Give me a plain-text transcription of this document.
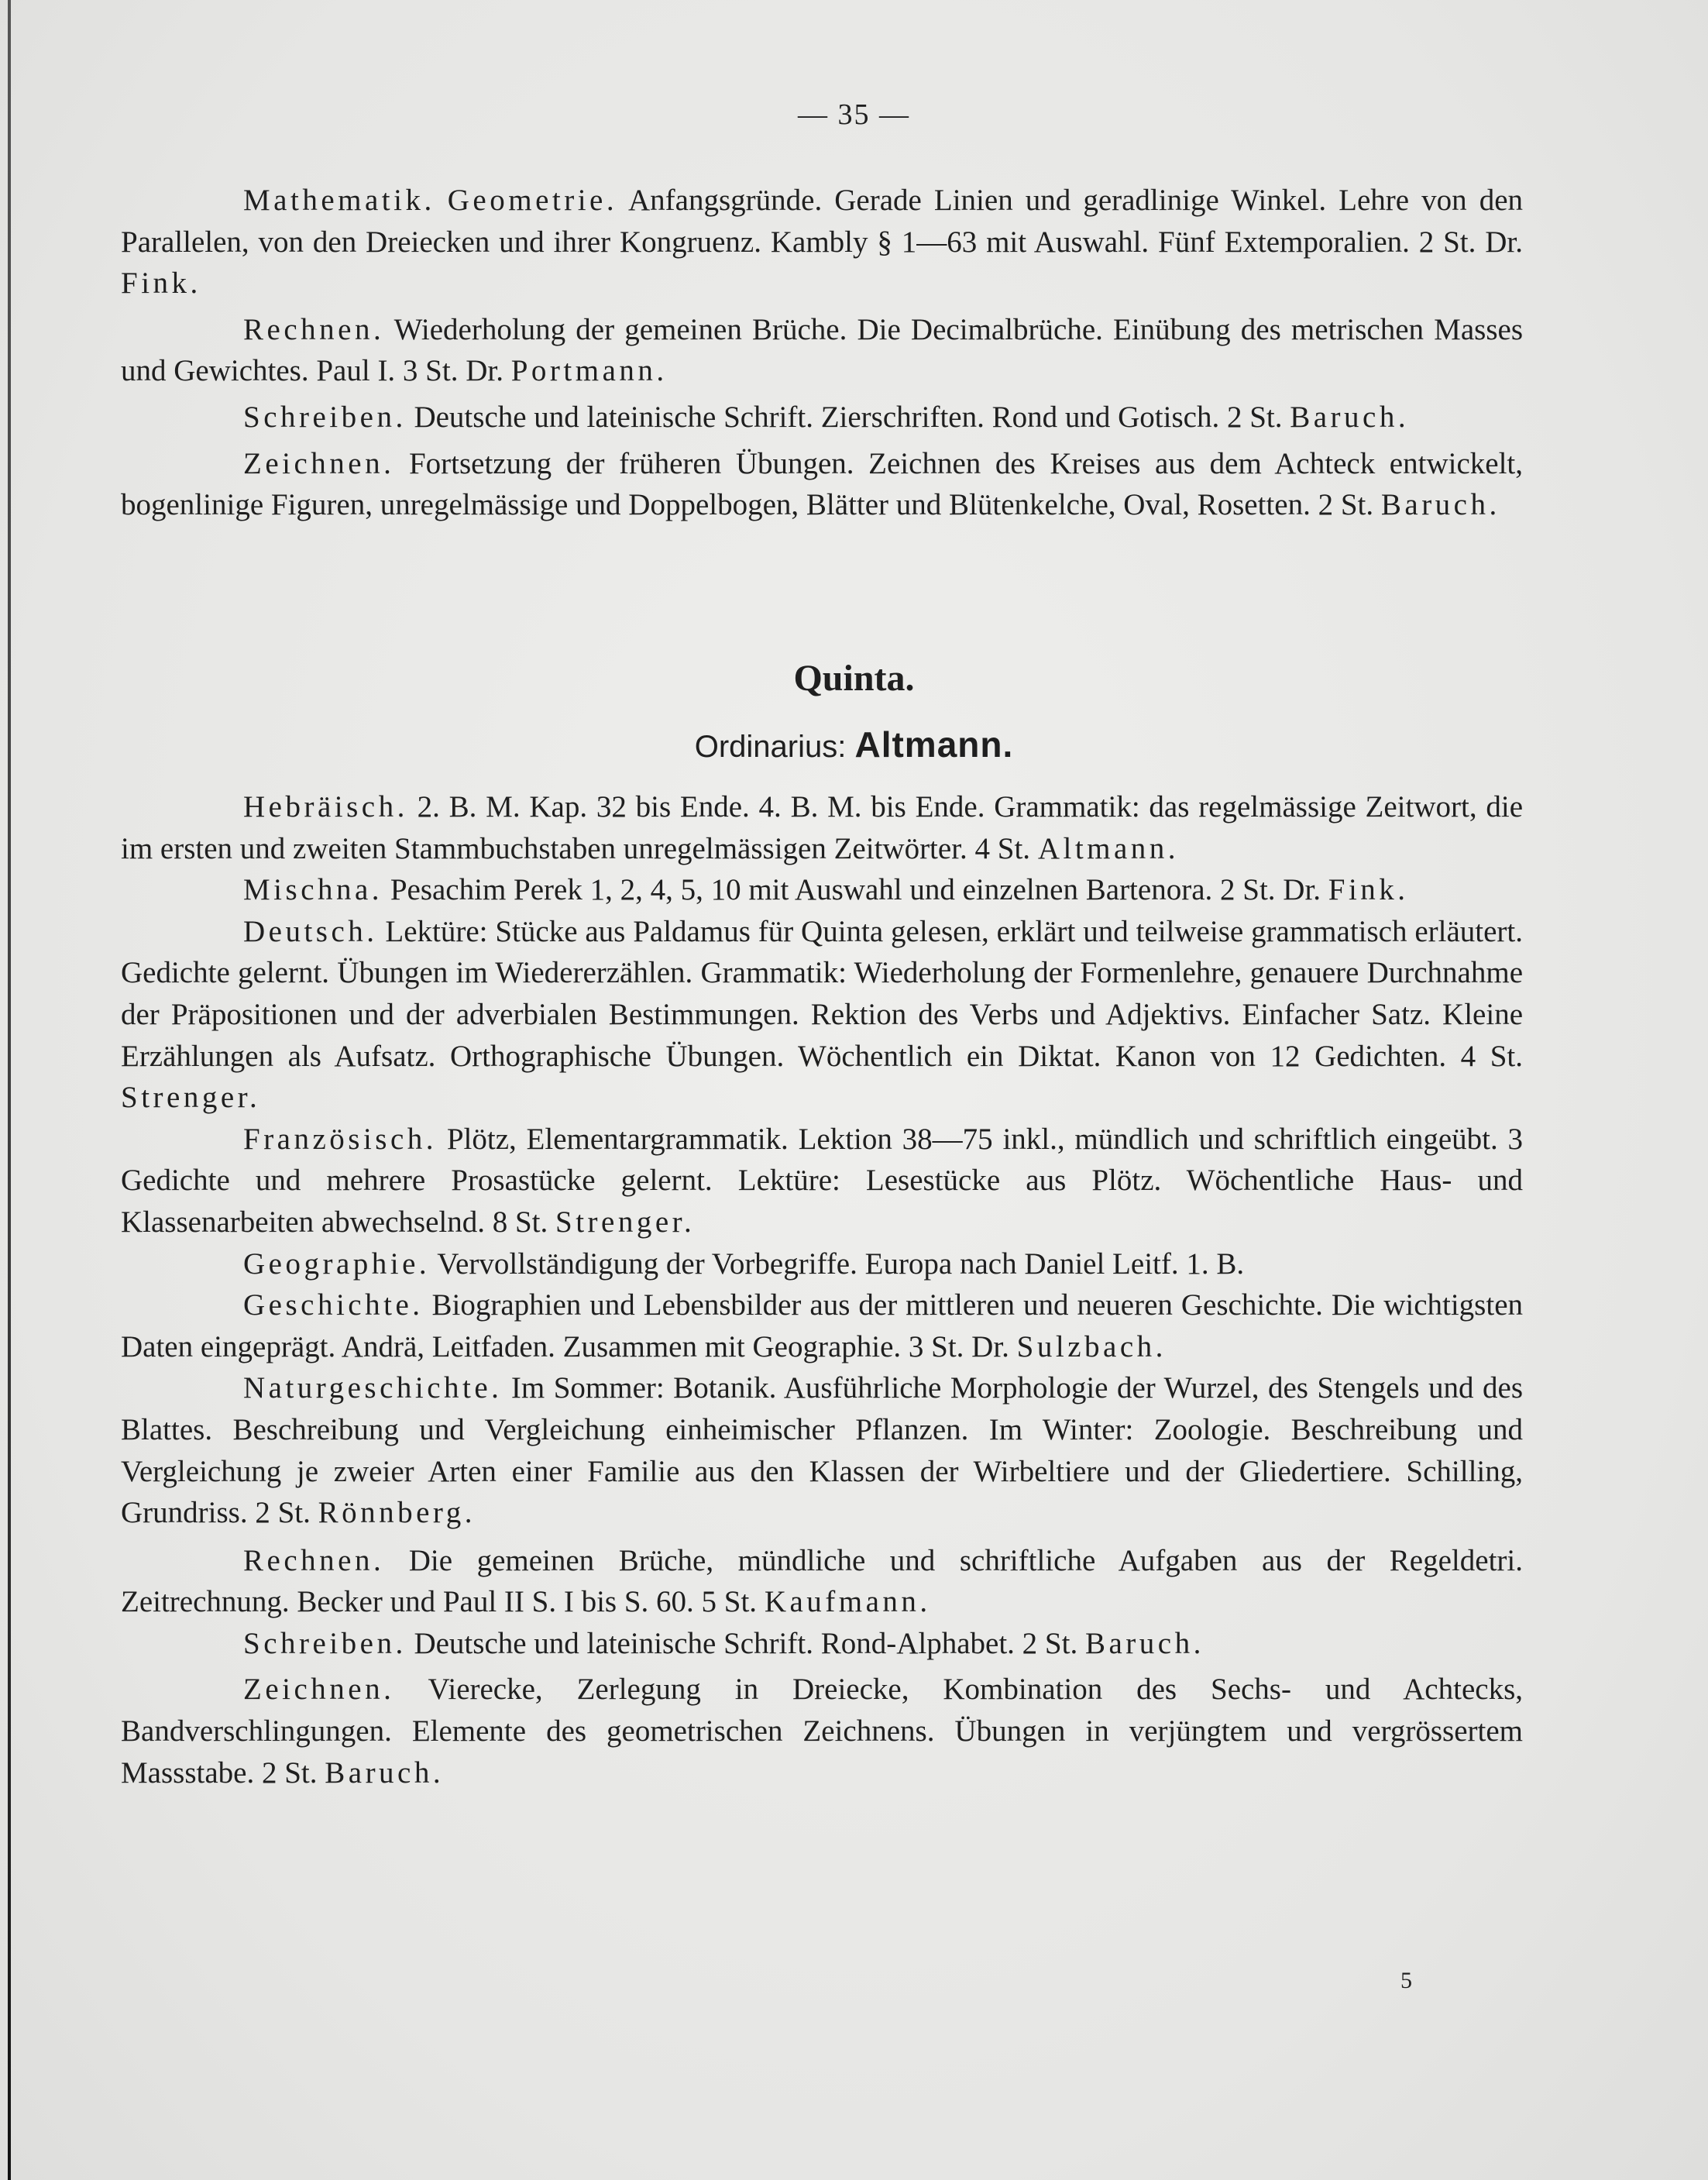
— 35 —

Mathematik. Geometrie. Anfangsgründe. Gerade Linien und geradlinige Winkel. Lehre von den Parallelen, von den Dreiecken und ihrer Kongruenz. Kambly § 1—63 mit Auswahl. Fünf Extemporalien. 2 St. Dr. Fink.

Rechnen. Wiederholung der gemeinen Brüche. Die Decimalbrüche. Einübung des metrischen Masses und Gewichtes. Paul I. 3 St. Dr. Portmann.

Schreiben. Deutsche und lateinische Schrift. Zierschriften. Rond und Gotisch. 2 St. Baruch.

Zeichnen. Fortsetzung der früheren Übungen. Zeichnen des Kreises aus dem Achteck entwickelt, bogenlinige Figuren, unregelmässige und Doppelbogen, Blätter und Blütenkelche, Oval, Rosetten. 2 St. Baruch.

Quinta.
Ordinarius: Altmann.

Hebräisch. 2. B. M. Kap. 32 bis Ende. 4. B. M. bis Ende. Grammatik: das regelmässige Zeitwort, die im ersten und zweiten Stammbuchstaben unregelmässigen Zeitwörter. 4 St. Altmann.

Mischna. Pesachim Perek 1, 2, 4, 5, 10 mit Auswahl und einzelnen Bartenora. 2 St. Dr. Fink.

Deutsch. Lektüre: Stücke aus Paldamus für Quinta gelesen, erklärt und teilweise grammatisch erläutert. Gedichte gelernt. Übungen im Wiedererzählen. Grammatik: Wiederholung der Formenlehre, genauere Durchnahme der Präpositionen und der adverbialen Bestimmungen. Rektion des Verbs und Adjektivs. Einfacher Satz. Kleine Erzählungen als Aufsatz. Orthographische Übungen. Wöchentlich ein Diktat. Kanon von 12 Gedichten. 4 St. Strenger.

Französisch. Plötz, Elementargrammatik. Lektion 38—75 inkl., mündlich und schriftlich eingeübt. 3 Gedichte und mehrere Prosastücke gelernt. Lektüre: Lesestücke aus Plötz. Wöchentliche Haus- und Klassenarbeiten abwechselnd. 8 St. Strenger.

Geographie. Vervollständigung der Vorbegriffe. Europa nach Daniel Leitf. 1. B.

Geschichte. Biographien und Lebensbilder aus der mittleren und neueren Geschichte. Die wichtigsten Daten eingeprägt. Andrä, Leitfaden. Zusammen mit Geographie. 3 St. Dr. Sulzbach.

Naturgeschichte. Im Sommer: Botanik. Ausführliche Morphologie der Wurzel, des Stengels und des Blattes. Beschreibung und Vergleichung einheimischer Pflanzen. Im Winter: Zoologie. Beschreibung und Vergleichung je zweier Arten einer Familie aus den Klassen der Wirbeltiere und der Gliedertiere. Schilling, Grundriss. 2 St. Rönnberg.

Rechnen. Die gemeinen Brüche, mündliche und schriftliche Aufgaben aus der Regeldetri. Zeitrechnung. Becker und Paul II S. I bis S. 60. 5 St. Kaufmann.

Schreiben. Deutsche und lateinische Schrift. Rond-Alphabet. 2 St. Baruch.

Zeichnen. Vierecke, Zerlegung in Dreiecke, Kombination des Sechs- und Achtecks, Bandverschlingungen. Elemente des geometrischen Zeichnens. Übungen in verjüngtem und vergrössertem Massstabe. 2 St. Baruch.

5
